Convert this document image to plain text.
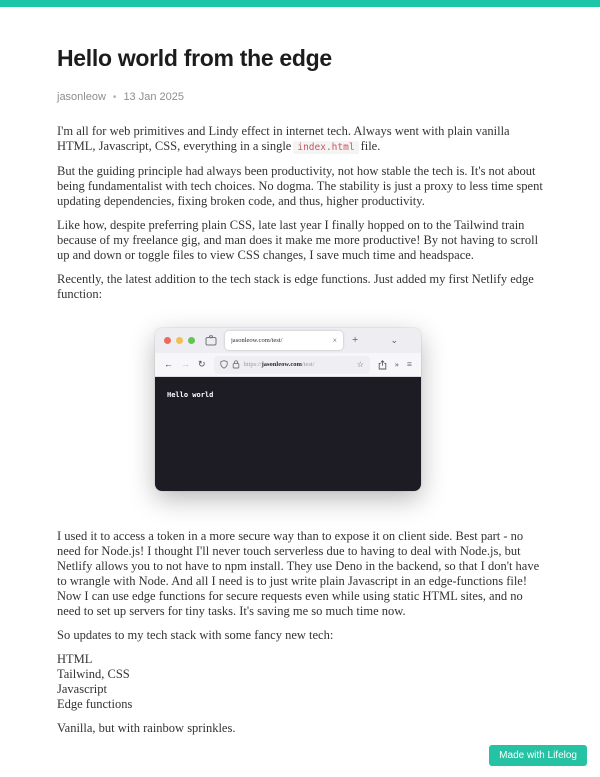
Hello world from the edge
jasonleow • 13 Jan 2025

I'm all for web primitives and Lindy effect in internet tech. Always went with plain vanilla HTML, Javascript, CSS, everything in a single index.html file.

But the guiding principle had always been productivity, not how stable the tech is. It's not about being fundamentalist with tech choices. No dogma. The stability is just a proxy to less time spent updating dependencies, fixing broken code, and thus, higher productivity.

Like how, despite preferring plain CSS, late last year I finally hopped on to the Tailwind train because of my freelance gig, and man does it make me more productive! By not having to scroll up and down or toggle files to view CSS changes, I save much time and headspace.

Recently, the latest addition to the tech stack is edge functions. Just added my first Netlify edge function:

jasonleow.com/test/	× +	⌄
← → ↻	https://jasonleow.com/test/	☆	» ≡
Hello world

I used it to access a token in a more secure way than to expose it on client side. Best part - no need for Node.js! I thought I'll never touch serverless due to having to deal with Node.js, but Netlify allows you to not have to npm install. They use Deno in the backend, so that I don't have to wrangle with Node. And all I need is to just write plain Javascript in an edge-functions file! Now I can use edge functions for secure requests even while using static HTML sites, and no need to set up servers for tiny tasks. It's saving me so much time now.

So updates to my tech stack with some fancy new tech:

HTML
Tailwind, CSS
Javascript
Edge functions

Vanilla, but with rainbow sprinkles.

Made with Lifelog
